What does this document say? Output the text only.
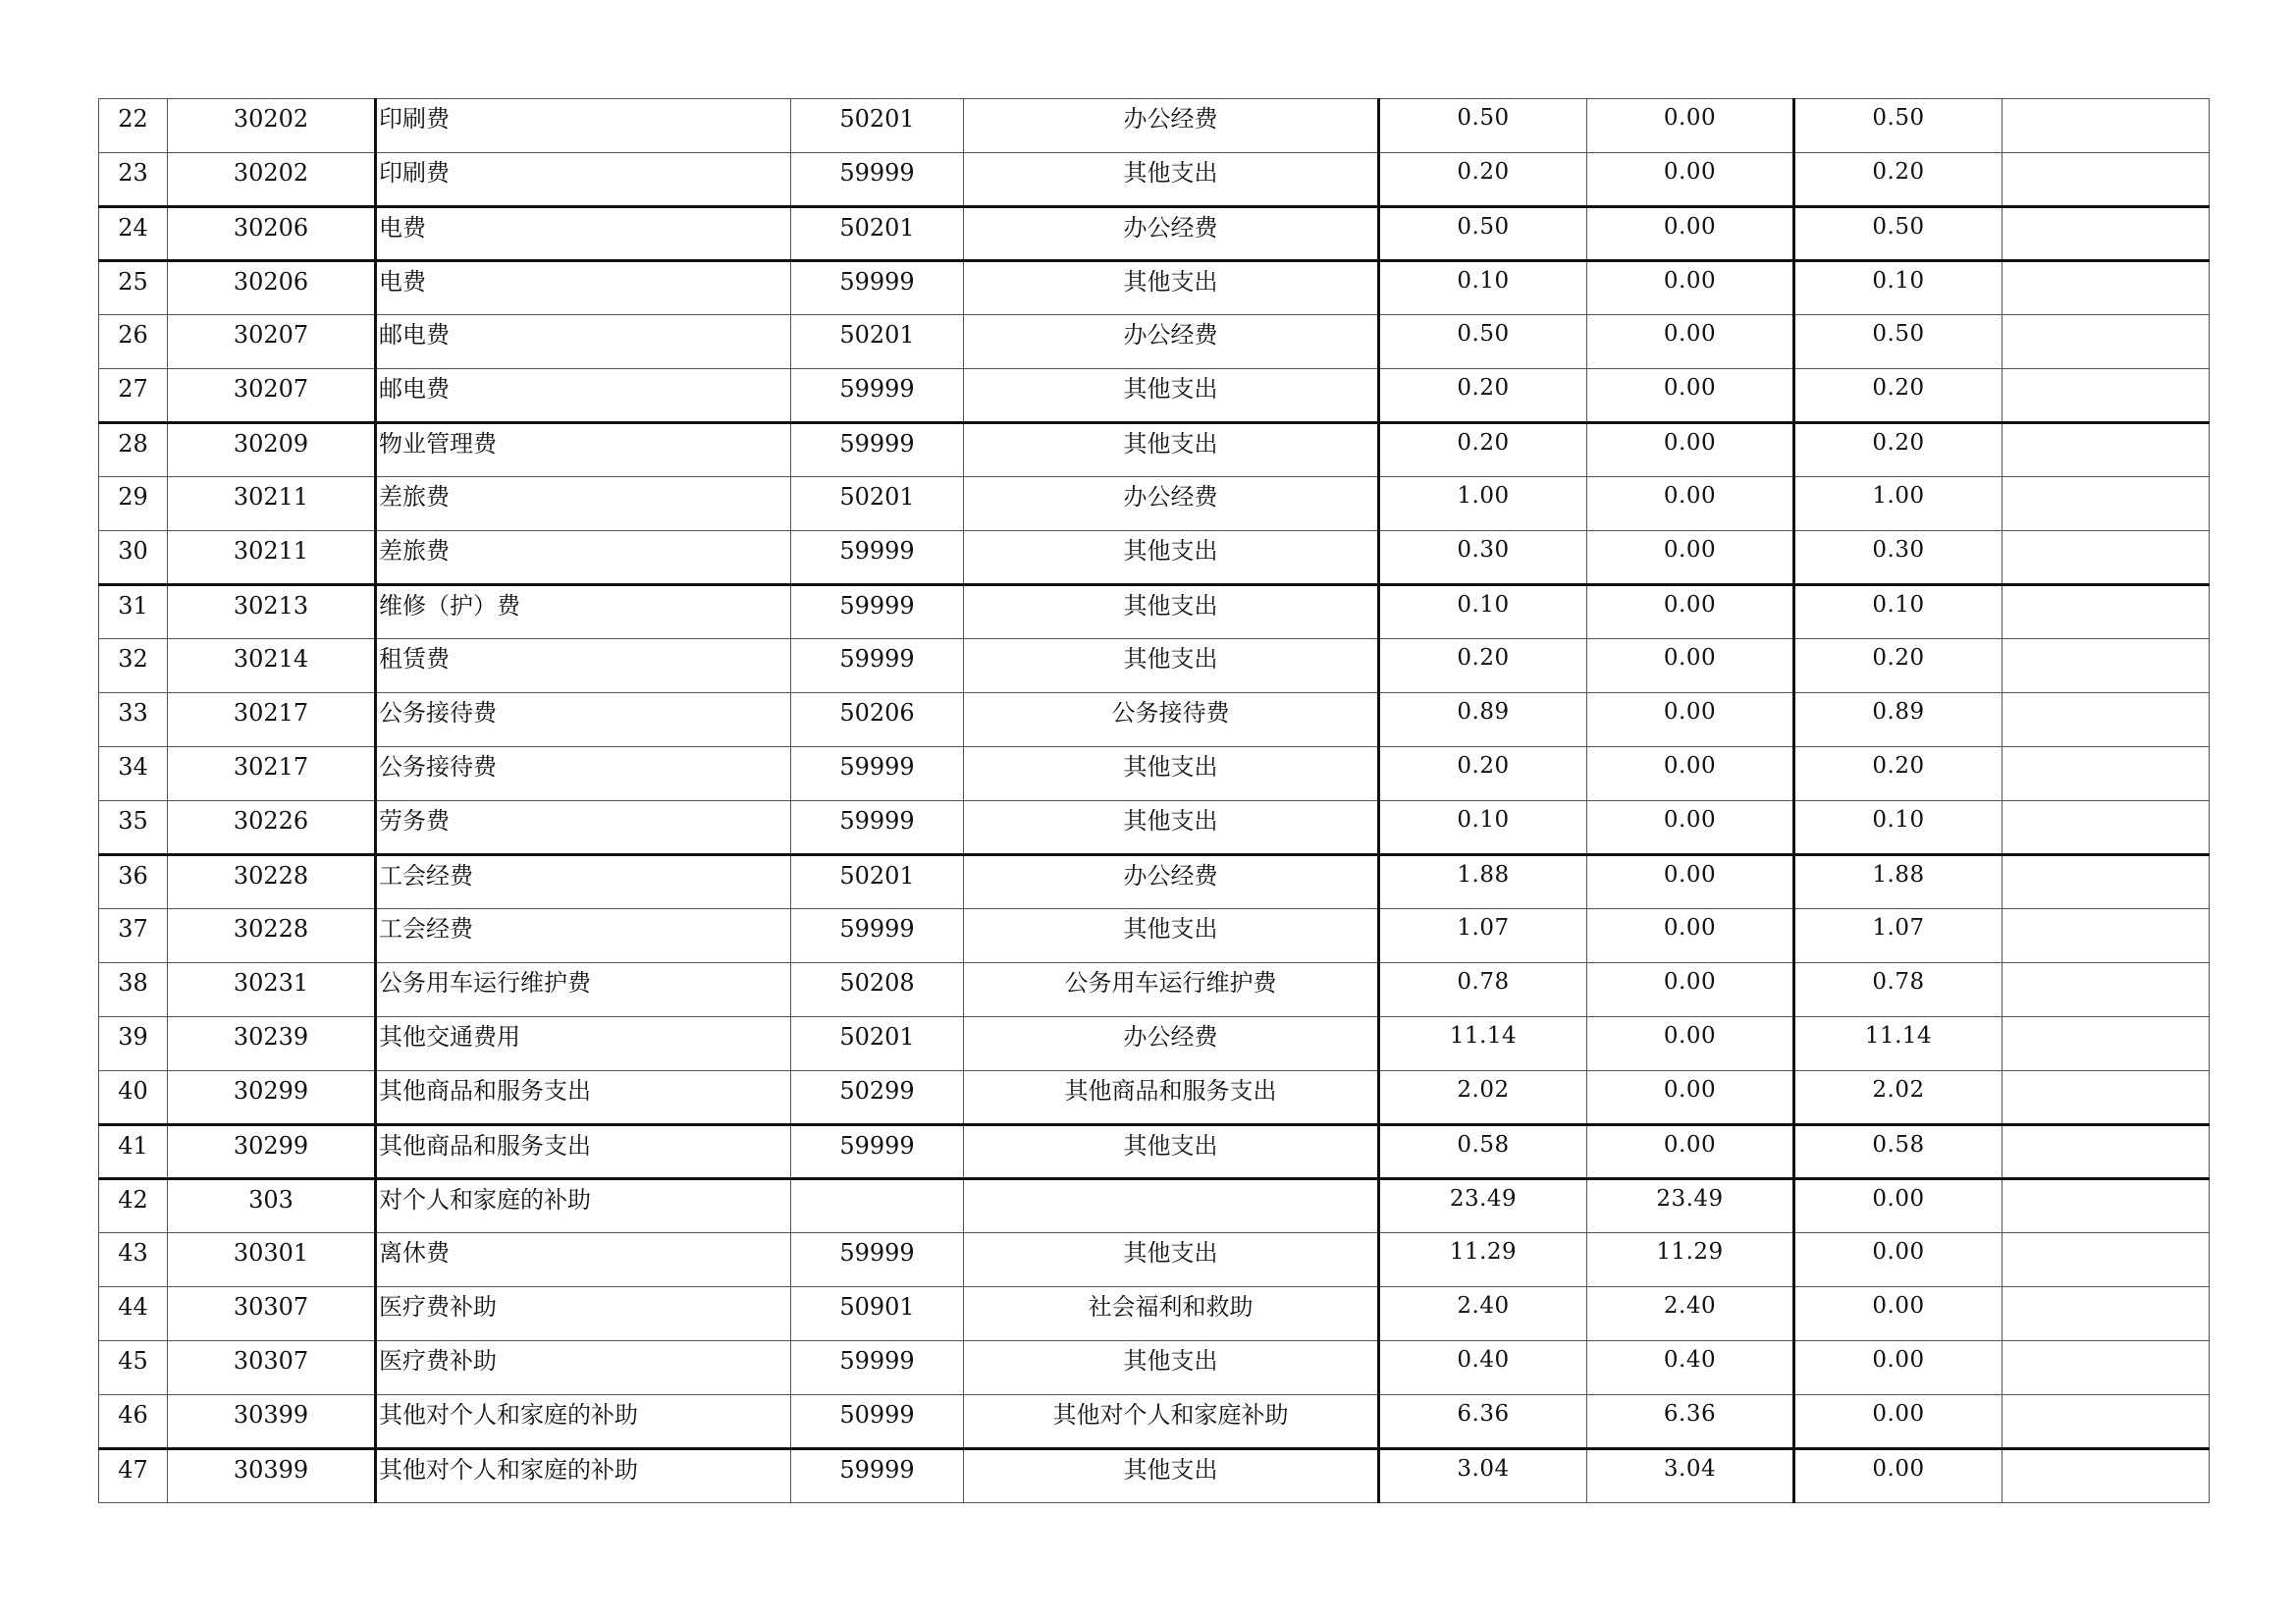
22	30202	印刷费	50201	办公经费	0.50	0.00	0.50	
23	30202	印刷费	59999	其他支出	0.20	0.00	0.20	
24	30206	电费	50201	办公经费	0.50	0.00	0.50	
25	30206	电费	59999	其他支出	0.10	0.00	0.10	
26	30207	邮电费	50201	办公经费	0.50	0.00	0.50	
27	30207	邮电费	59999	其他支出	0.20	0.00	0.20	
28	30209	物业管理费	59999	其他支出	0.20	0.00	0.20	
29	30211	差旅费	50201	办公经费	1.00	0.00	1.00	
30	30211	差旅费	59999	其他支出	0.30	0.00	0.30	
31	30213	维修（护）费	59999	其他支出	0.10	0.00	0.10	
32	30214	租赁费	59999	其他支出	0.20	0.00	0.20	
33	30217	公务接待费	50206	公务接待费	0.89	0.00	0.89	
34	30217	公务接待费	59999	其他支出	0.20	0.00	0.20	
35	30226	劳务费	59999	其他支出	0.10	0.00	0.10	
36	30228	工会经费	50201	办公经费	1.88	0.00	1.88	
37	30228	工会经费	59999	其他支出	1.07	0.00	1.07	
38	30231	公务用车运行维护费	50208	公务用车运行维护费	0.78	0.00	0.78	
39	30239	其他交通费用	50201	办公经费	11.14	0.00	11.14	
40	30299	其他商品和服务支出	50299	其他商品和服务支出	2.02	0.00	2.02	
41	30299	其他商品和服务支出	59999	其他支出	0.58	0.00	0.58	
42	303	对个人和家庭的补助			23.49	23.49	0.00	
43	30301	离休费	59999	其他支出	11.29	11.29	0.00	
44	30307	医疗费补助	50901	社会福利和救助	2.40	2.40	0.00	
45	30307	医疗费补助	59999	其他支出	0.40	0.40	0.00	
46	30399	其他对个人和家庭的补助	50999	其他对个人和家庭补助	6.36	6.36	0.00	
47	30399	其他对个人和家庭的补助	59999	其他支出	3.04	3.04	0.00	
